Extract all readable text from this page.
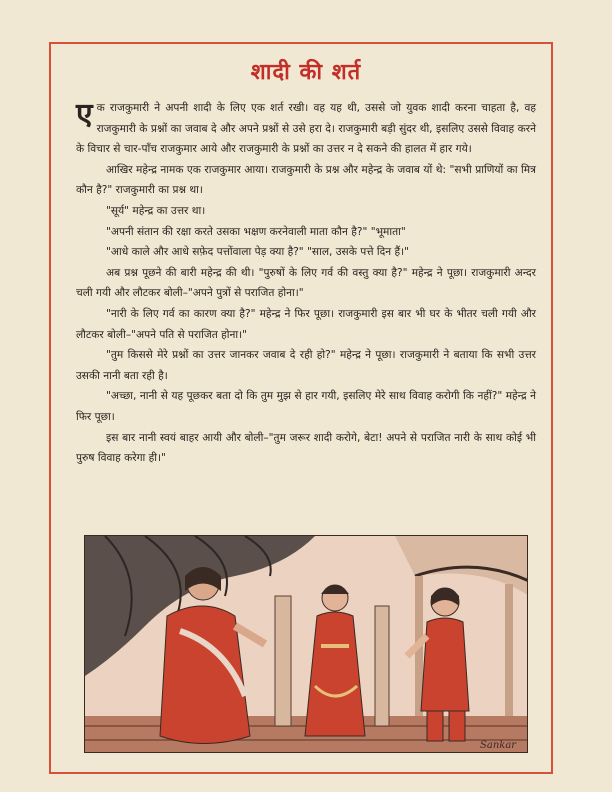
शादी की शर्त

एक राजकुमारी ने अपनी शादी के लिए एक शर्त रखी। वह यह थी, उससे जो युवक शादी करना चाहता है, वह राजकुमारी के प्रश्नों का जवाब दे और अपने प्रश्नों से उसे हरा दे। राजकुमारी बड़ी सुंदर थी, इसलिए उससे विवाह करने के विचार से चार-पाँच राजकुमार आये और राजकुमारी के प्रश्नों का उत्तर न दे सकने की हालत में हार गये।

आखिर महेन्द्र नामक एक राजकुमार आया। राजकुमारी के प्रश्न और महेन्द्र के जवाब यों थे: "सभी प्राणियों का मित्र कौन है?" राजकुमारी का प्रश्न था।

"सूर्य" महेन्द्र का उत्तर था।

"अपनी संतान की रक्षा करते उसका भक्षण करनेवाली माता कौन है?" "भूमाता"

"आधे काले और आधे सफ़ेद पत्तोंवाला पेड़ क्या है?" "साल, उसके पत्ते दिन हैं।"

अब प्रश्न पूछने की बारी महेन्द्र की थी। "पुरुषों के लिए गर्व की वस्तु क्या है?" महेन्द्र ने पूछा। राजकुमारी अन्दर चली गयी और लौटकर बोली–"अपने पुत्रों से पराजित होना।"

"नारी के लिए गर्व का कारण क्या है?" महेन्द्र ने फिर पूछा। राजकुमारी इस बार भी घर के भीतर चली गयी और लौटकर बोली–"अपने पति से पराजित होना।"

"तुम किससे मेरे प्रश्नों का उत्तर जानकर जवाब दे रही हो?" महेन्द्र ने पूछा। राजकुमारी ने बताया कि सभी उत्तर उसकी नानी बता रही है।

"अच्छा, नानी से यह पूछकर बता दो कि तुम मुझ से हार गयी, इसलिए मेरे साथ विवाह करोगी कि नहीं?" महेन्द्र ने फिर पूछा।

इस बार नानी स्वयं बाहर आयी और बोली–"तुम जरूर शादी करोगे, बेटा! अपने से पराजित नारी के साथ कोई भी पुरुष विवाह करेगा ही।"

Sankar
